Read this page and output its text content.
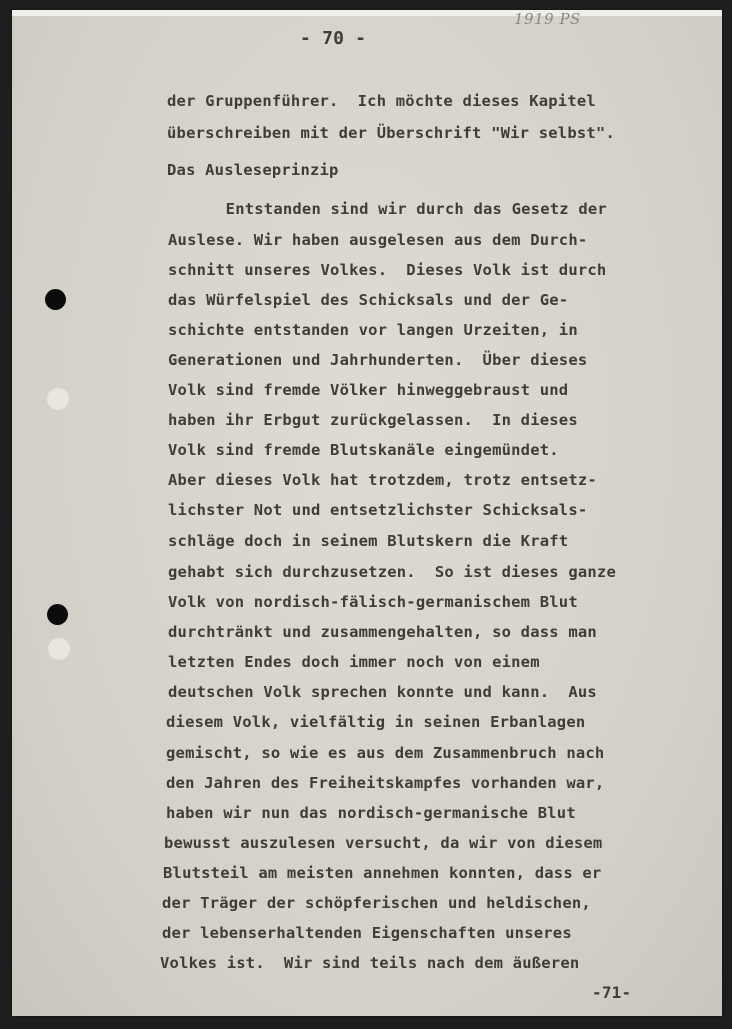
- 70 -
1919 PS
der Gruppenführer.  Ich möchte dieses Kapitel
überschreiben mit der Überschrift "Wir selbst".
Das Ausleseprinzip
Entstanden sind wir durch das Gesetz der
Auslese. Wir haben ausgelesen aus dem Durch-
schnitt unseres Volkes.  Dieses Volk ist durch
das Würfelspiel des Schicksals und der Ge-
schichte entstanden vor langen Urzeiten, in
Generationen und Jahrhunderten.  Über dieses
Volk sind fremde Völker hinweggebraust und
haben ihr Erbgut zurückgelassen.  In dieses
Volk sind fremde Blutskanäle eingemündet.
Aber dieses Volk hat trotzdem, trotz entsetz-
lichster Not und entsetzlichster Schicksals-
schläge doch in seinem Blutskern die Kraft
gehabt sich durchzusetzen.  So ist dieses ganze
Volk von nordisch-fälisch-germanischem Blut
durchtränkt und zusammengehalten, so dass man
letzten Endes doch immer noch von einem
deutschen Volk sprechen konnte und kann.  Aus
diesem Volk, vielfältig in seinen Erbanlagen
gemischt, so wie es aus dem Zusammenbruch nach
den Jahren des Freiheitskampfes vorhanden war,
haben wir nun das nordisch-germanische Blut
bewusst auszulesen versucht, da wir von diesem
Blutsteil am meisten annehmen konnten, dass er
der Träger der schöpferischen und heldischen,
der lebenserhaltenden Eigenschaften unseres
Volkes ist.  Wir sind teils nach dem äußeren
-71-
